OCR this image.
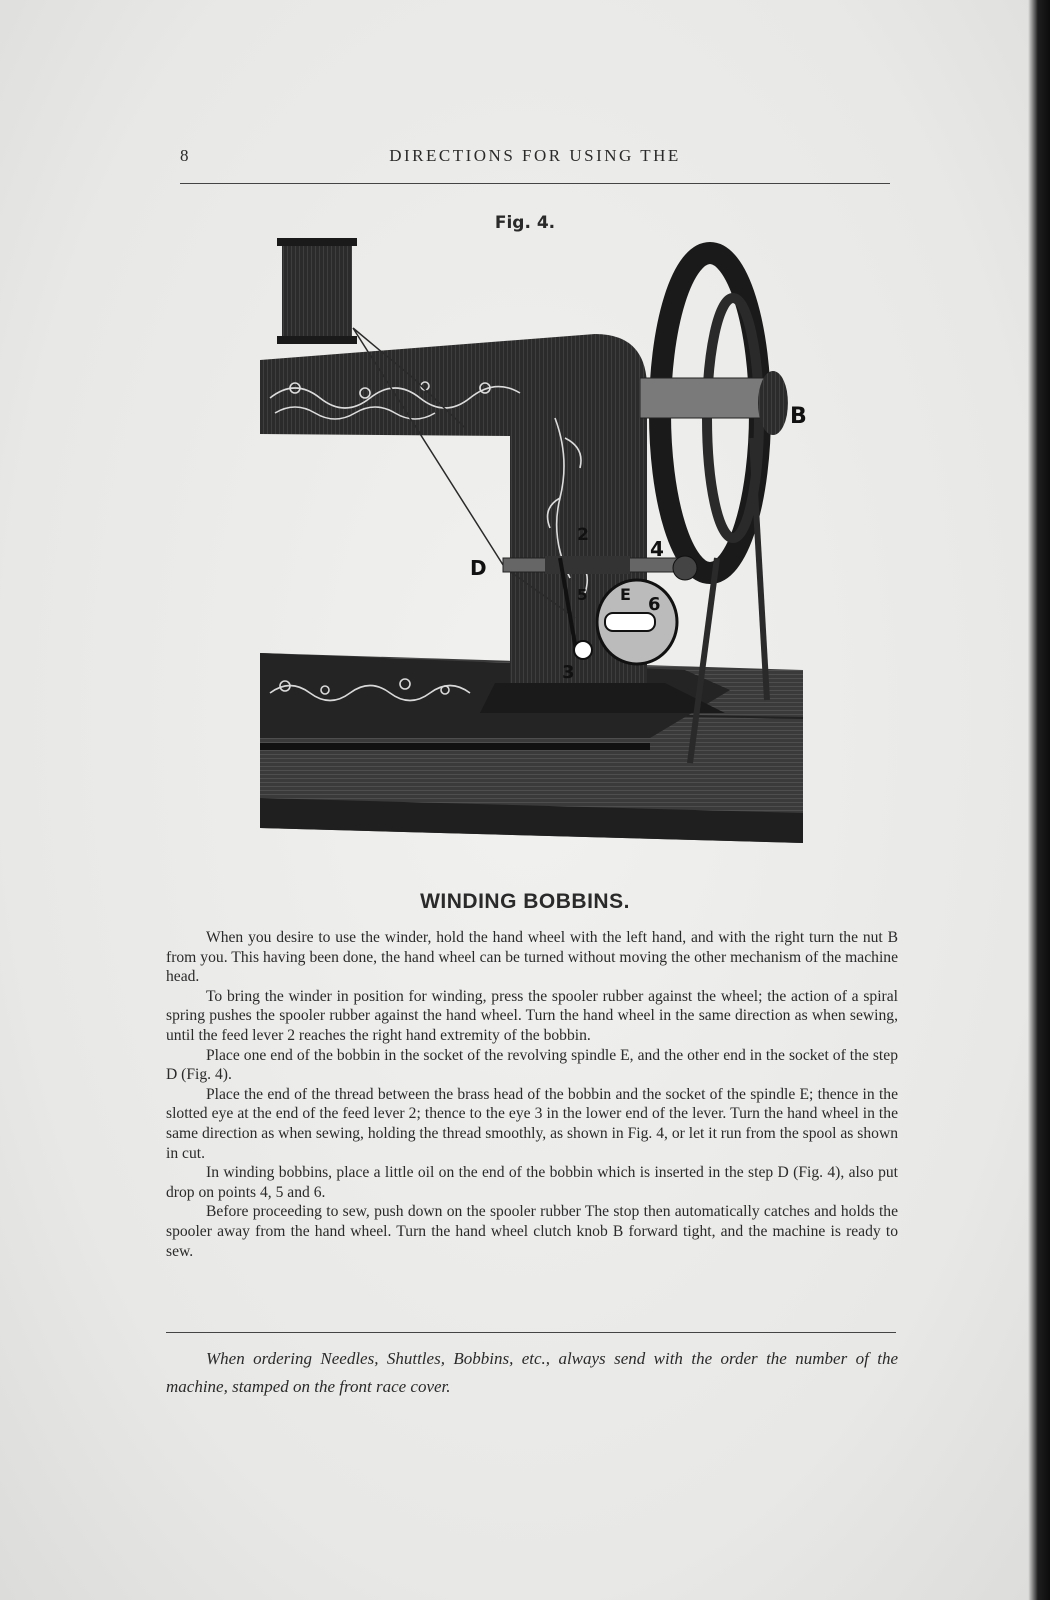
8	DIRECTIONS FOR USING THE
Fig. 4.
B
D
2
4
5 E 6
3
WINDING BOBBINS.

When you desire to use the winder, hold the hand wheel with the left hand, and with the right turn the nut B from you. This having been done, the hand wheel can be turned without moving the other mechanism of the machine head.

To bring the winder in position for winding, press the spooler rubber against the wheel; the action of a spiral spring pushes the spooler rubber against the hand wheel. Turn the hand wheel in the same direction as when sewing, until the feed lever 2 reaches the right hand extremity of the bobbin.

Place one end of the bobbin in the socket of the revolving spindle E, and the other end in the socket of the step D (Fig. 4).

Place the end of the thread between the brass head of the bobbin and the socket of the spindle E; thence in the slotted eye at the end of the feed lever 2; thence to the eye 3 in the lower end of the lever. Turn the hand wheel in the same direction as when sewing, holding the thread smoothly, as shown in Fig. 4, or let it run from the spool as shown in cut.

In winding bobbins, place a little oil on the end of the bobbin which is inserted in the step D (Fig. 4), also put drop on points 4, 5 and 6.

Before proceeding to sew, push down on the spooler rubber The stop then automatically catches and holds the spooler away from the hand wheel. Turn the hand wheel clutch knob B forward tight, and the machine is ready to sew.

When ordering Needles, Shuttles, Bobbins, etc., always send with the order the number of the machine, stamped on the front race cover.
